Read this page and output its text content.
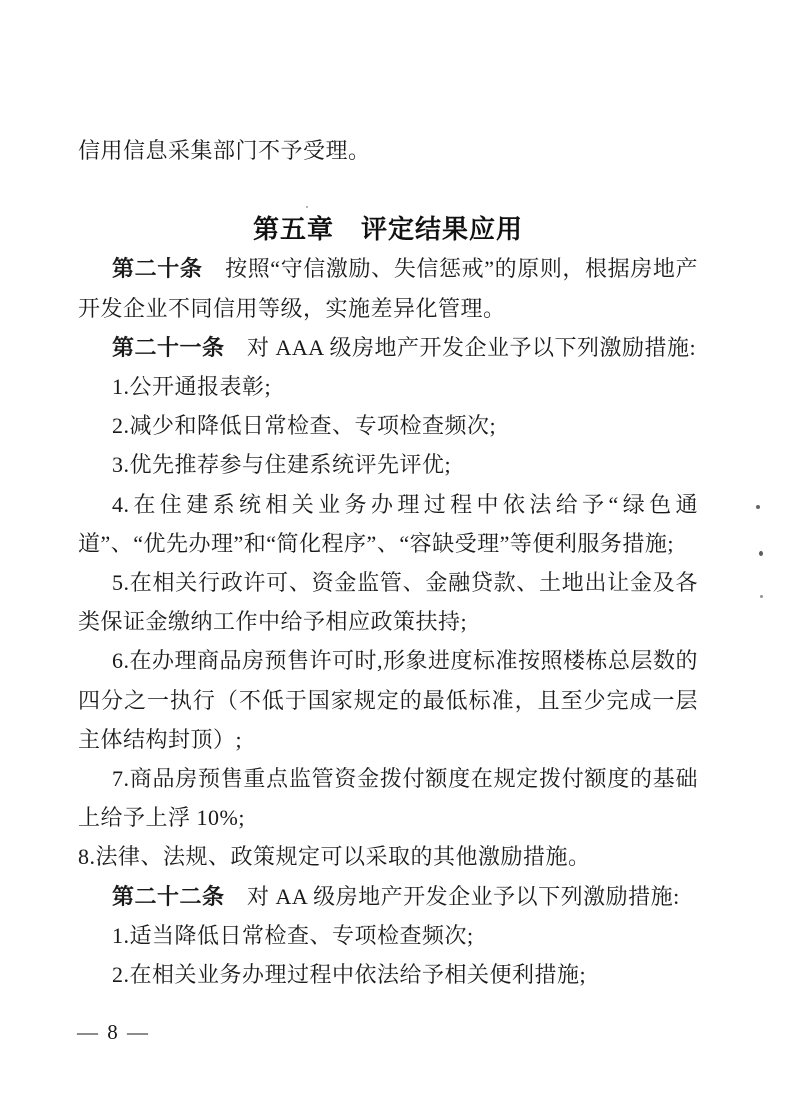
信用信息采集部门不予受理。

第五章　评定结果应用

第二十条　按照“守信激励、失信惩戒”的原则，根据房地产开发企业不同信用等级，实施差异化管理。

第二十一条　对 AAA 级房地产开发企业予以下列激励措施:

1.公开通报表彰;

2.减少和降低日常检查、专项检查频次;

3.优先推荐参与住建系统评先评优;

4.在住建系统相关业务办理过程中依法给予“绿色通道”、“优先办理”和“简化程序”、“容缺受理”等便利服务措施;

5.在相关行政许可、资金监管、金融贷款、土地出让金及各类保证金缴纳工作中给予相应政策扶持;

6.在办理商品房预售许可时,形象进度标准按照楼栋总层数的四分之一执行（不低于国家规定的最低标准，且至少完成一层主体结构封顶）;

7.商品房预售重点监管资金拨付额度在规定拨付额度的基础上给予上浮 10%;

8.法律、法规、政策规定可以采取的其他激励措施。

第二十二条　对 AA 级房地产开发企业予以下列激励措施:

1.适当降低日常检查、专项检查频次;

2.在相关业务办理过程中依法给予相关便利措施;

— 8 —
